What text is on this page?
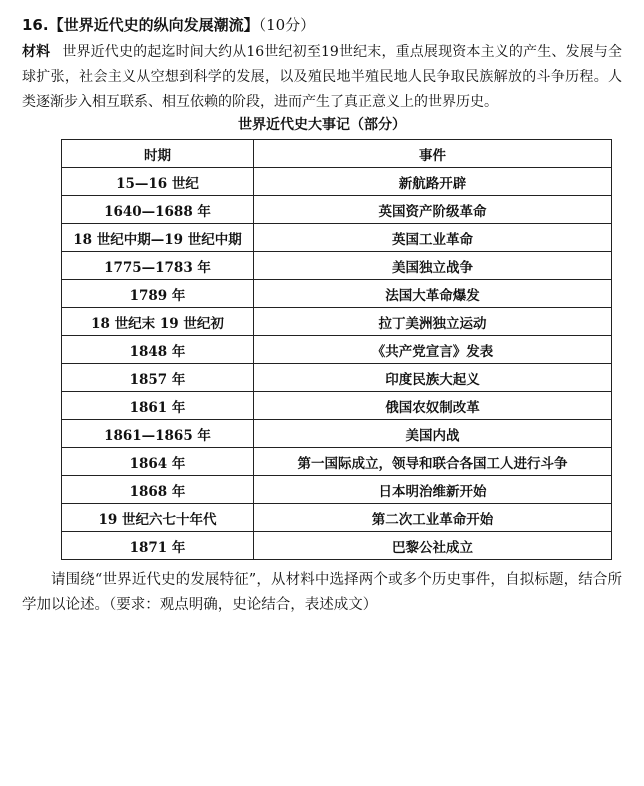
16.【世界近代史的纵向发展潮流】（10分）
材料 世界近代史的起迄时间大约从16世纪初至19世纪末，重点展现资本主义的产生、发展与全球扩张，社会主义从空想到科学的发展，以及殖民地半殖民地人民争取民族解放的斗争历程。人类逐渐步入相互联系、相互依赖的阶段，进而产生了真正意义上的世界历史。
世界近代史大事记（部分）
时期	事件
15—16 世纪	新航路开辟
1640—1688 年	英国资产阶级革命
18 世纪中期—19 世纪中期	英国工业革命
1775—1783 年	美国独立战争
1789 年	法国大革命爆发
18 世纪末 19 世纪初	拉丁美洲独立运动
1848 年	《共产党宣言》发表
1857 年	印度民族大起义
1861 年	俄国农奴制改革
1861—1865 年	美国内战
1864 年	第一国际成立，领导和联合各国工人进行斗争
1868 年	日本明治维新开始
19 世纪六七十年代	第二次工业革命开始
1871 年	巴黎公社成立
请围绕“世界近代史的发展特征”，从材料中选择两个或多个历史事件，自拟标题，结合所学加以论述。（要求：观点明确，史论结合，表述成文）
